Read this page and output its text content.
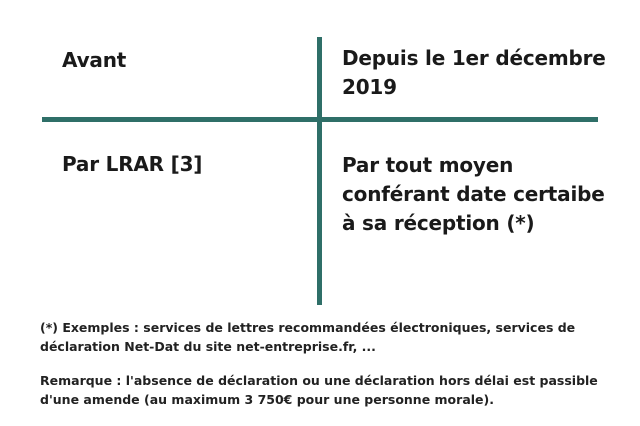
Avant	Depuis le 1er décembre 2019
Par LRAR [3]	Par tout moyen conférant date certaibe à sa réception (*)
(*) Exemples : services de lettres recommandées électroniques, services de déclaration Net-Dat du site net-entreprise.fr, ...
Remarque : l'absence de déclaration ou une déclaration hors délai est passible d'une amende (au maximum 3 750€ pour une personne morale).
